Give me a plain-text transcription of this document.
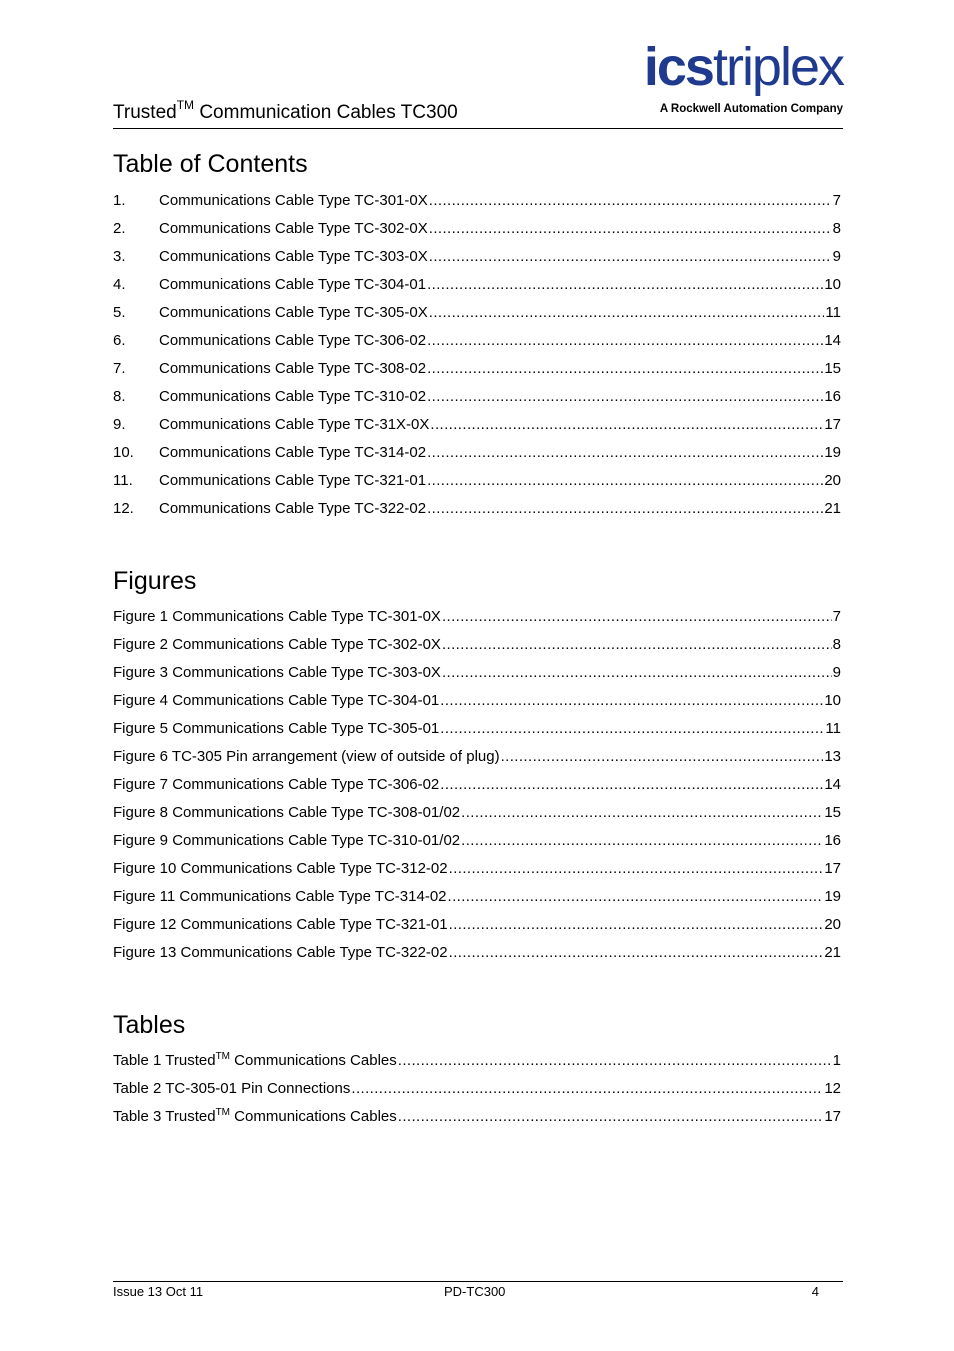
Trusted™ Communication Cables TC300
icstriplex
A Rockwell Automation Company
Table of Contents
1.	Communications Cable Type TC-301-0X .....	7
2.	Communications Cable Type TC-302-0X .....	8
3.	Communications Cable Type TC-303-0X .....	9
4.	Communications Cable Type TC-304-01 .....	10
5.	Communications Cable Type TC-305-0X .....	11
6.	Communications Cable Type TC-306-02 .....	14
7.	Communications Cable Type TC-308-02 .....	15
8.	Communications Cable Type TC-310-02 .....	16
9.	Communications Cable Type TC-31X-0X .....	17
10.	Communications Cable Type TC-314-02 .....	19
11.	Communications Cable Type TC-321-01 .....	20
12.	Communications Cable Type TC-322-02 .....	21
Figures
Figure 1 Communications Cable Type TC-301-0X .....	7
Figure 2 Communications Cable Type TC-302-0X .....	8
Figure 3 Communications Cable Type TC-303-0X .....	9
Figure 4 Communications Cable Type TC-304-01 .....	10
Figure 5 Communications Cable Type TC-305-01 .....	11
Figure 6 TC-305 Pin arrangement (view of outside of plug) .....	13
Figure 7 Communications Cable Type TC-306-02 .....	14
Figure 8 Communications Cable Type TC-308-01/02 .....	15
Figure 9 Communications Cable Type TC-310-01/02 .....	16
Figure 10 Communications Cable Type TC-312-02 .....	17
Figure 11 Communications Cable Type TC-314-02 .....	19
Figure 12 Communications Cable Type TC-321-01 .....	20
Figure 13 Communications Cable Type TC-322-02 .....	21
Tables
Table 1 Trusted™ Communications Cables .....	1
Table 2 TC-305-01 Pin Connections .....	12
Table 3 Trusted™ Communications Cables .....	17
Issue 13 Oct 11	PD-TC300	4
